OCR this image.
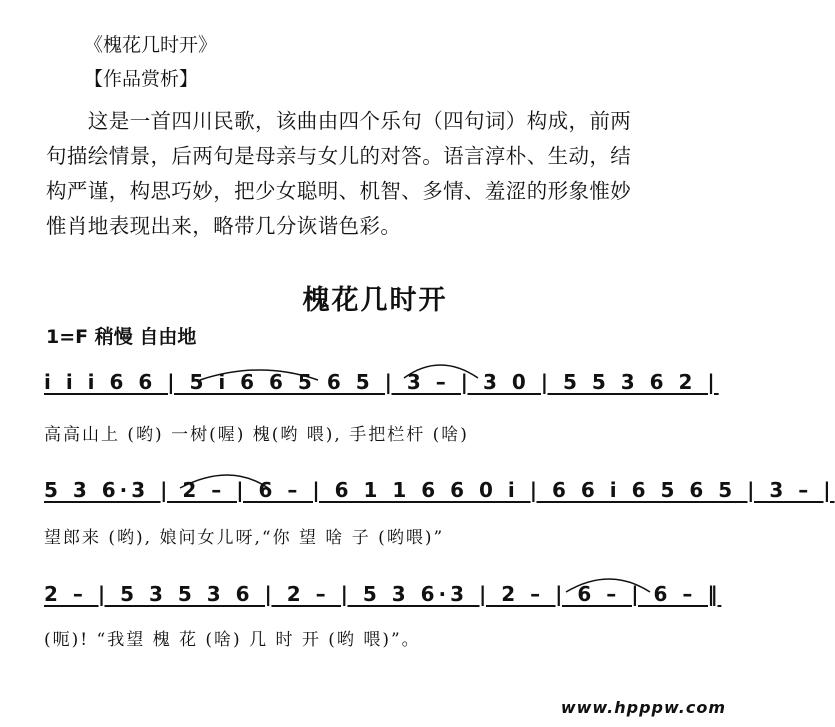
《槐花几时开》
【作品赏析】
　　这是一首四川民歌，该曲由四个乐句（四句词）构成，前两
句描绘情景，后两句是母亲与女儿的对答。语言淳朴、生动，结
构严谨，构思巧妙，把少女聪明、机智、多情、羞涩的形象惟妙
惟肖地表现出来，略带几分诙谐色彩。
槐花几时开
1=F 稍慢 自由地
i i i 6 6 | 5 i 6 6 5 6 5 | 3 – | 3 0 | 5 5 3 6 2 |
高高山上 (哟) 一树(喔) 槐(哟 喂), 手把栏杆 (啥)
5 3 6·3 | 2 – | 6 – | 6 1 1 6 6 0 i | 6 6 i 6 5 6 5 | 3 – |
望郎来 (哟), 娘问女儿呀,“你 望 啥 子 (哟喂)”
2 – | 5 3 5 3 6 | 2 – | 5 3 6·3 | 2 – | 6 – | 6 – ‖
(呃)! “我望 槐 花 (啥) 几 时 开 (哟 喂)”。
www.hpppw.com
